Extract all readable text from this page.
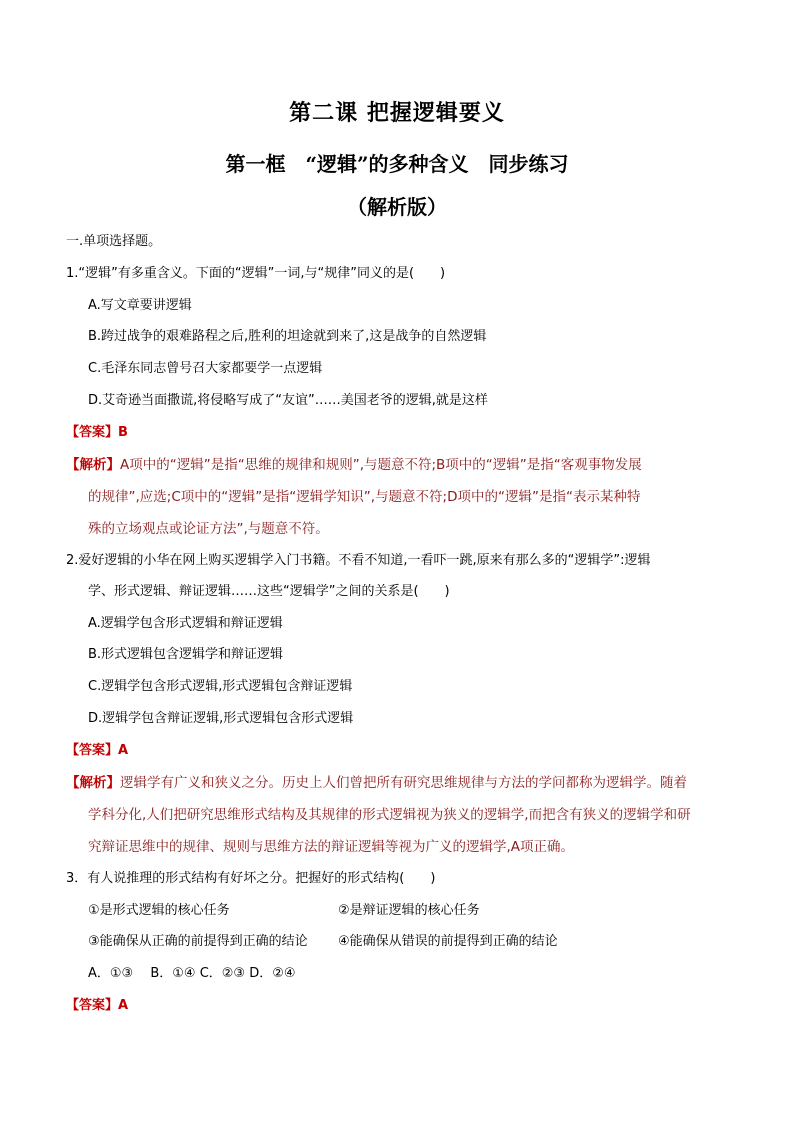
第二课 把握逻辑要义
第一框　“逻辑”的多种含义　同步练习
（解析版）
一.单项选择题。
1.“逻辑”有多重含义。下面的“逻辑”一词,与“规律”同义的是(　　)
A.写文章要讲逻辑
B.跨过战争的艰难路程之后,胜利的坦途就到来了,这是战争的自然逻辑
C.毛泽东同志曾号召大家都要学一点逻辑
D.艾奇逊当面撒谎,将侵略写成了“友谊”……美国老爷的逻辑,就是这样
【答案】B
【解析】A项中的“逻辑”是指“思维的规律和规则”,与题意不符;B项中的“逻辑”是指“客观事物发展
的规律”,应选;C项中的“逻辑”是指“逻辑学知识”,与题意不符;D项中的“逻辑”是指“表示某种特
殊的立场观点或论证方法”,与题意不符。
2.爱好逻辑的小华在网上购买逻辑学入门书籍。不看不知道,一看吓一跳,原来有那么多的“逻辑学”:逻辑
学、形式逻辑、辩证逻辑……这些“逻辑学”之间的关系是(　　)
A.逻辑学包含形式逻辑和辩证逻辑
B.形式逻辑包含逻辑学和辩证逻辑
C.逻辑学包含形式逻辑,形式逻辑包含辩证逻辑
D.逻辑学包含辩证逻辑,形式逻辑包含形式逻辑
【答案】A
【解析】逻辑学有广义和狭义之分。历史上人们曾把所有研究思维规律与方法的学问都称为逻辑学。随着
学科分化,人们把研究思维形式结构及其规律的形式逻辑视为狭义的逻辑学,而把含有狭义的逻辑学和研
究辩证思维中的规律、规则与思维方法的辩证逻辑等视为广义的逻辑学,A项正确。
3．有人说推理的形式结构有好坏之分。把握好的形式结构(　　)
①是形式逻辑的核心任务	②是辩证逻辑的核心任务
③能确保从正确的前提得到正确的结论 ④能确保从错误的前提得到正确的结论
A．①③　 B．①④ C．②③ D．②④
【答案】A
